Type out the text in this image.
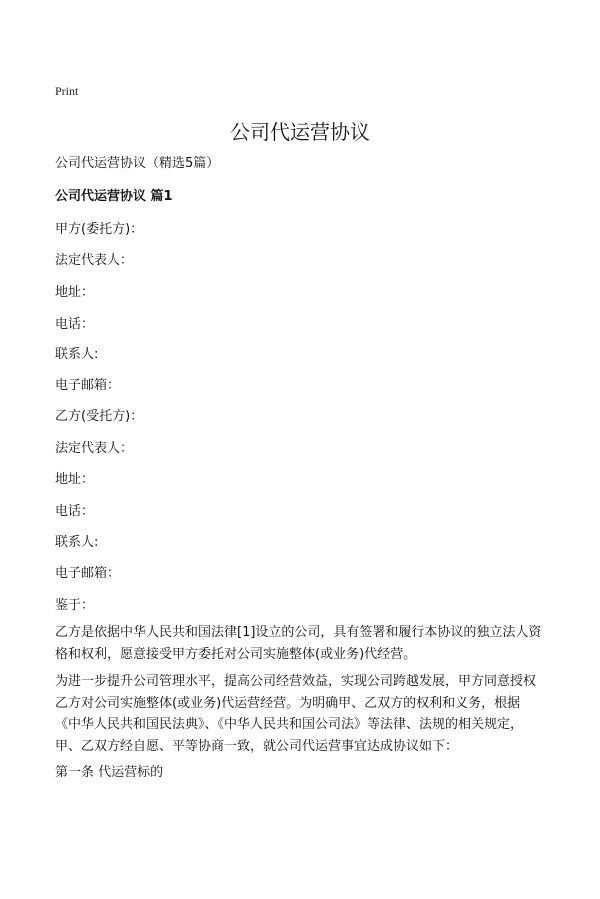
Print
公司代运营协议
公司代运营协议（精选5篇）
公司代运营协议 篇1
甲方(委托方)：
法定代表人：
地址：
电话：
联系人:
电子邮箱：
乙方(受托方)：
法定代表人：
地址：
电话：
联系人:
电子邮箱：
鉴于：
乙方是依据中华人民共和国法律[1]设立的公司，具有签署和履行本协议的独立法人资格和权利，愿意接受甲方委托对公司实施整体(或业务)代经营。
为进一步提升公司管理水平，提高公司经营效益，实现公司跨越发展，甲方同意授权乙方对公司实施整体(或业务)代运营经营。为明确甲、乙双方的权利和义务，根据《中华人民共和国民法典》、《中华人民共和国公司法》等法律、法规的相关规定，甲、乙双方经自愿、平等协商一致，就公司代运营事宜达成协议如下：
第一条 代运营标的
